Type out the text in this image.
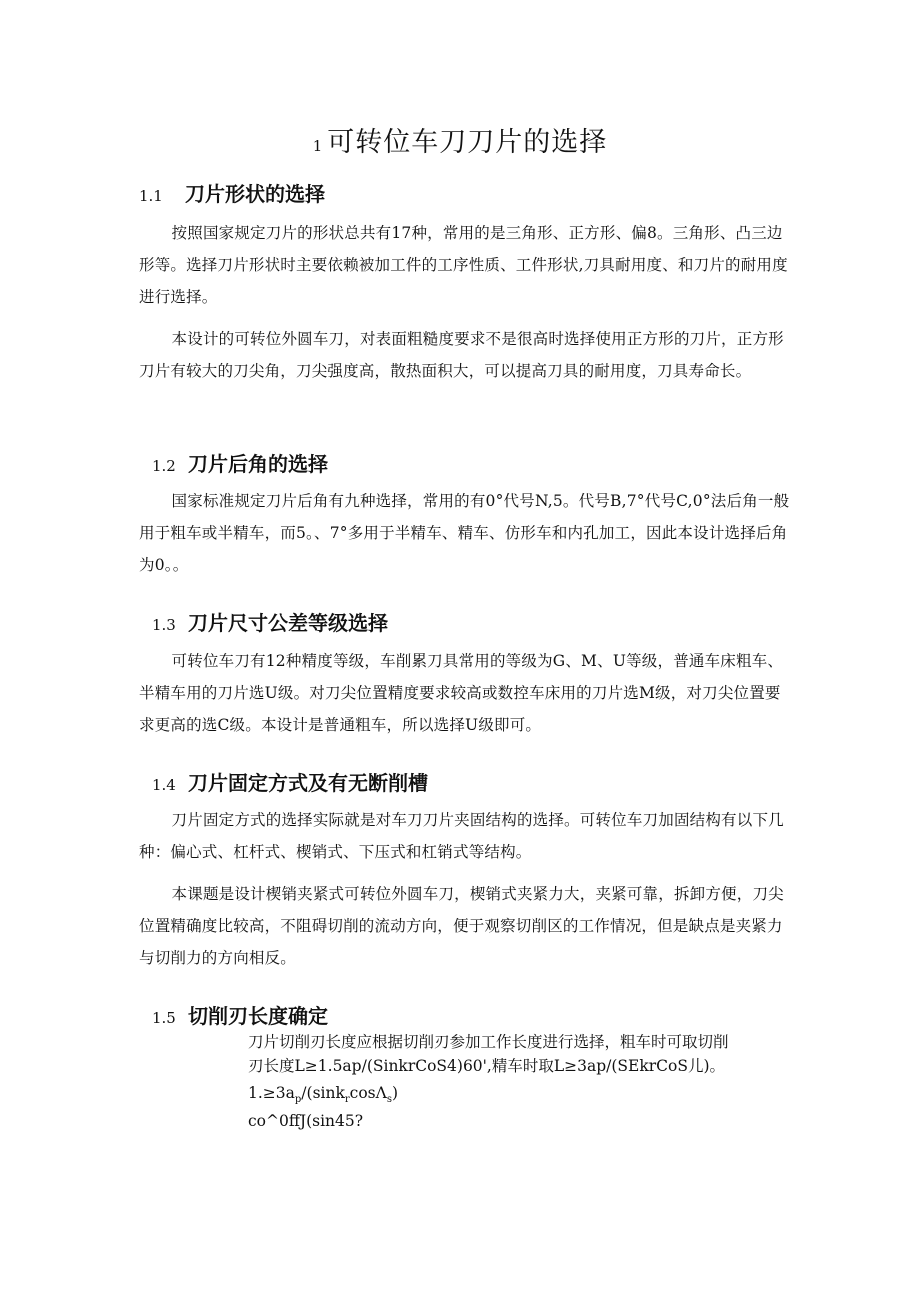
1 可转位车刀刀片的选择
1.1 刀片形状的选择
按照国家规定刀片的形状总共有17种，常用的是三角形、正方形、偏8。三角形、凸三边形等。选择刀片形状时主要依赖被加工件的工序性质、工件形状,刀具耐用度、和刀片的耐用度进行选择。
本设计的可转位外圆车刀，对表面粗糙度要求不是很高时选择使用正方形的刀片，正方形刀片有较大的刀尖角，刀尖强度高，散热面积大，可以提高刀具的耐用度，刀具寿命长。
1.2 刀片后角的选择
国家标准规定刀片后角有九种选择，常用的有0°代号N,5。代号B,7°代号C,0°法后角一般用于粗车或半精车，而5。、7°多用于半精车、精车、仿形车和内孔加工，因此本设计选择后角为0。。
1.3 刀片尺寸公差等级选择
可转位车刀有12种精度等级，车削累刀具常用的等级为G、M、U等级，普通车床粗车、半精车用的刀片选U级。对刀尖位置精度要求较高或数控车床用的刀片选M级，对刀尖位置要求更高的选C级。本设计是普通粗车，所以选择U级即可。
1.4 刀片固定方式及有无断削槽
刀片固定方式的选择实际就是对车刀刀片夹固结构的选择。可转位车刀加固结构有以下几种：偏心式、杠杆式、楔销式、下压式和杠销式等结构。
本课题是设计楔销夹紧式可转位外圆车刀，楔销式夹紧力大，夹紧可靠，拆卸方便，刀尖位置精确度比较高，不阻碍切削的流动方向，便于观察切削区的工作情况，但是缺点是夹紧力与切削力的方向相反。
1.5 切削刃长度确定
刀片切削刃长度应根据切削刃参加工作长度进行选择，粗车时可取切削
刃长度L≥1.5ap/(SinkrCoS4)60',精车时取L≥3ap/(SEkrCoS儿)。
$1.\ge 3a_p/(\sin k_r\cos\Lambda_s)$
co^0ffJ(sin45?
